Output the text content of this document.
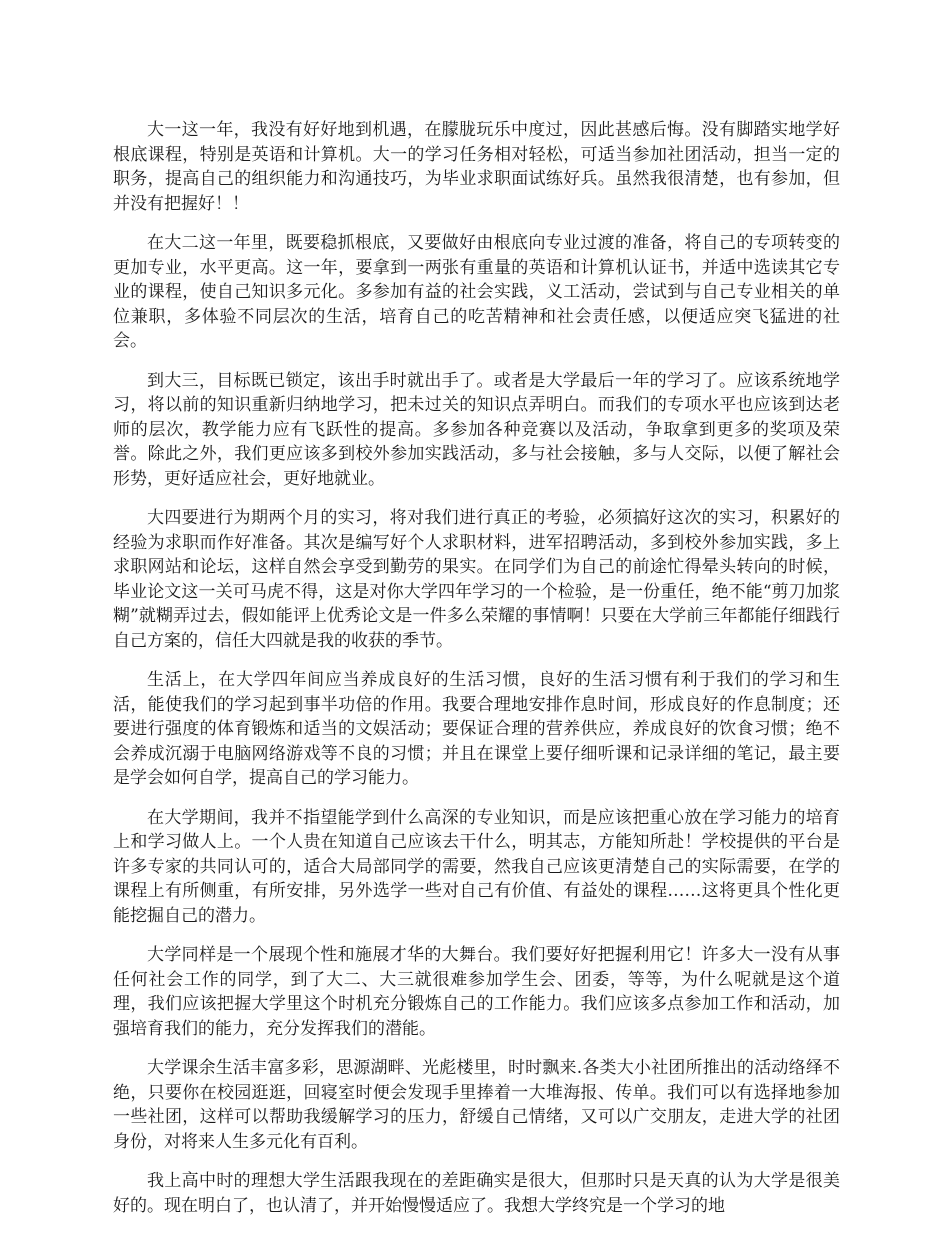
大一这一年，我没有好好地到机遇，在朦胧玩乐中度过，因此甚感后悔。没有脚踏实地学好根底课程，特别是英语和计算机。大一的学习任务相对轻松，可适当参加社团活动，担当一定的职务，提高自己的组织能力和沟通技巧，为毕业求职面试练好兵。虽然我很清楚，也有参加，但并没有把握好！！

在大二这一年里，既要稳抓根底，又要做好由根底向专业过渡的准备，将自己的专项转变的更加专业，水平更高。这一年，要拿到一两张有重量的英语和计算机认证书，并适中选读其它专业的课程，使自己知识多元化。多参加有益的社会实践，义工活动，尝试到与自己专业相关的单位兼职，多体验不同层次的生活，培育自己的吃苦精神和社会责任感，以便适应突飞猛进的社会。

到大三，目标既已锁定，该出手时就出手了。或者是大学最后一年的学习了。应该系统地学习，将以前的知识重新归纳地学习，把未过关的知识点弄明白。而我们的专项水平也应该到达老师的层次，教学能力应有飞跃性的提高。多参加各种竞赛以及活动，争取拿到更多的奖项及荣誉。除此之外，我们更应该多到校外参加实践活动，多与社会接触，多与人交际，以便了解社会形势，更好适应社会，更好地就业。

大四要进行为期两个月的实习，将对我们进行真正的考验，必须搞好这次的实习，积累好的经验为求职而作好准备。其次是编写好个人求职材料，进军招聘活动，多到校外参加实践，多上求职网站和论坛，这样自然会享受到勤劳的果实。在同学们为自己的前途忙得晕头转向的时候，毕业论文这一关可马虎不得，这是对你大学四年学习的一个检验，是一份重任，绝不能“剪刀加浆糊”就糊弄过去，假如能评上优秀论文是一件多么荣耀的事情啊！只要在大学前三年都能仔细践行自己方案的，信任大四就是我的收获的季节。

生活上，在大学四年间应当养成良好的生活习惯，良好的生活习惯有利于我们的学习和生活，能使我们的学习起到事半功倍的作用。我要合理地安排作息时间，形成良好的作息制度；还要进行强度的体育锻炼和适当的文娱活动；要保证合理的营养供应，养成良好的饮食习惯；绝不会养成沉溺于电脑网络游戏等不良的习惯；并且在课堂上要仔细听课和记录详细的笔记，最主要是学会如何自学，提高自己的学习能力。

在大学期间，我并不指望能学到什么高深的专业知识，而是应该把重心放在学习能力的培育上和学习做人上。一个人贵在知道自己应该去干什么，明其志，方能知所赴！学校提供的平台是许多专家的共同认可的，适合大局部同学的需要，然我自己应该更清楚自己的实际需要，在学的课程上有所侧重，有所安排，另外选学一些对自己有价值、有益处的课程……这将更具个性化更能挖掘自己的潜力。

大学同样是一个展现个性和施展才华的大舞台。我们要好好把握利用它！许多大一没有从事任何社会工作的同学，到了大二、大三就很难参加学生会、团委，等等，为什么呢就是这个道理，我们应该把握大学里这个时机充分锻炼自己的工作能力。我们应该多点参加工作和活动，加强培育我们的能力，充分发挥我们的潜能。

大学课余生活丰富多彩，思源湖畔、光彪楼里，时时飘来.各类大小社团所推出的活动络绎不绝，只要你在校园逛逛，回寝室时便会发现手里捧着一大堆海报、传单。我们可以有选择地参加一些社团，这样可以帮助我缓解学习的压力，舒缓自己情绪，又可以广交朋友，走进大学的社团身份，对将来人生多元化有百利。

我上高中时的理想大学生活跟我现在的差距确实是很大，但那时只是天真的认为大学是很美好的。现在明白了，也认清了，并开始慢慢适应了。我想大学终究是一个学习的地
